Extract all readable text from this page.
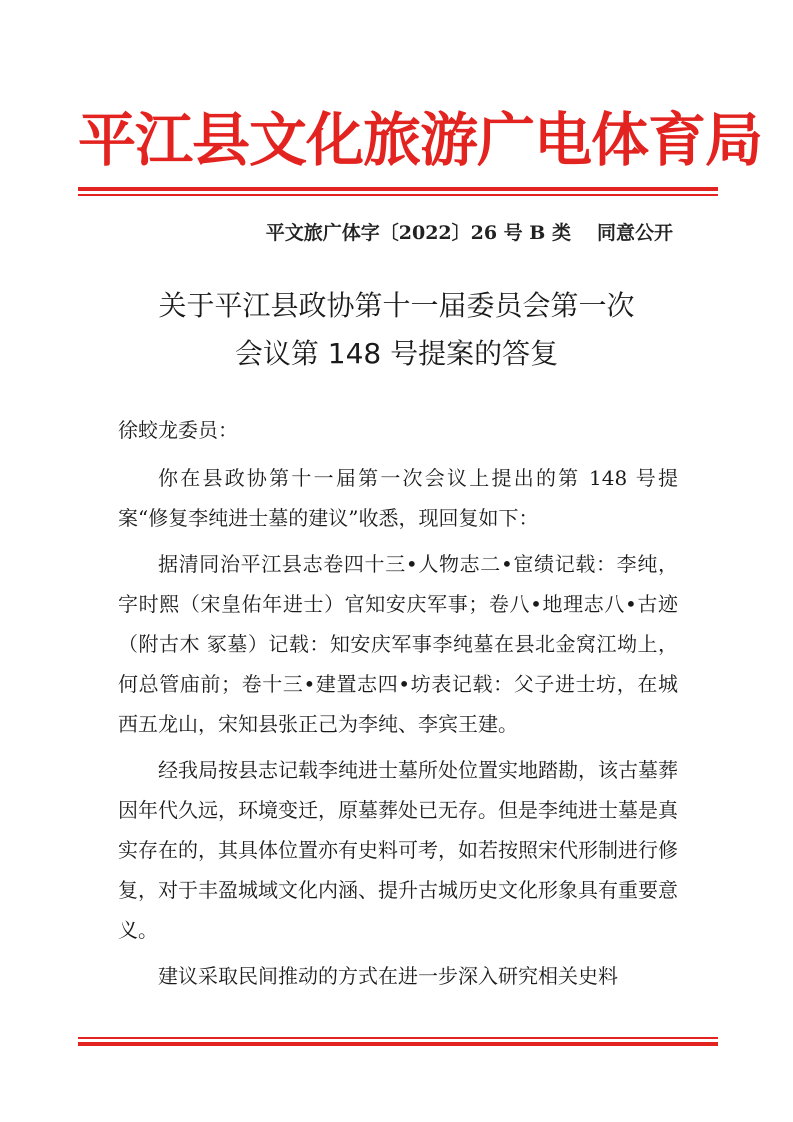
平江县文化旅游广电体育局
平文旅广体字〔2022〕26 号 B 类 同意公开
关于平江县政协第十一届委员会第一次
会议第 148 号提案的答复
徐蛟龙委员：

你在县政协第十一届第一次会议上提出的第 148 号提案“修复李纯进士墓的建议”收悉，现回复如下：

据清同治平江县志卷四十三•人物志二•宦绩记载：李纯，字时熙（宋皇佑年进士）官知安庆军事；卷八•地理志八•古迹（附古木 冢墓）记载：知安庆军事李纯墓在县北金窝江坳上，何总管庙前；卷十三•建置志四•坊表记载：父子进士坊，在城西五龙山，宋知县张正己为李纯、李宾王建。

经我局按县志记载李纯进士墓所处位置实地踏勘，该古墓葬因年代久远，环境变迁，原墓葬处已无存。但是李纯进士墓是真实存在的，其具体位置亦有史料可考，如若按照宋代形制进行修复，对于丰盈城域文化内涵、提升古城历史文化形象具有重要意义。

建议采取民间推动的方式在进一步深入研究相关史料
